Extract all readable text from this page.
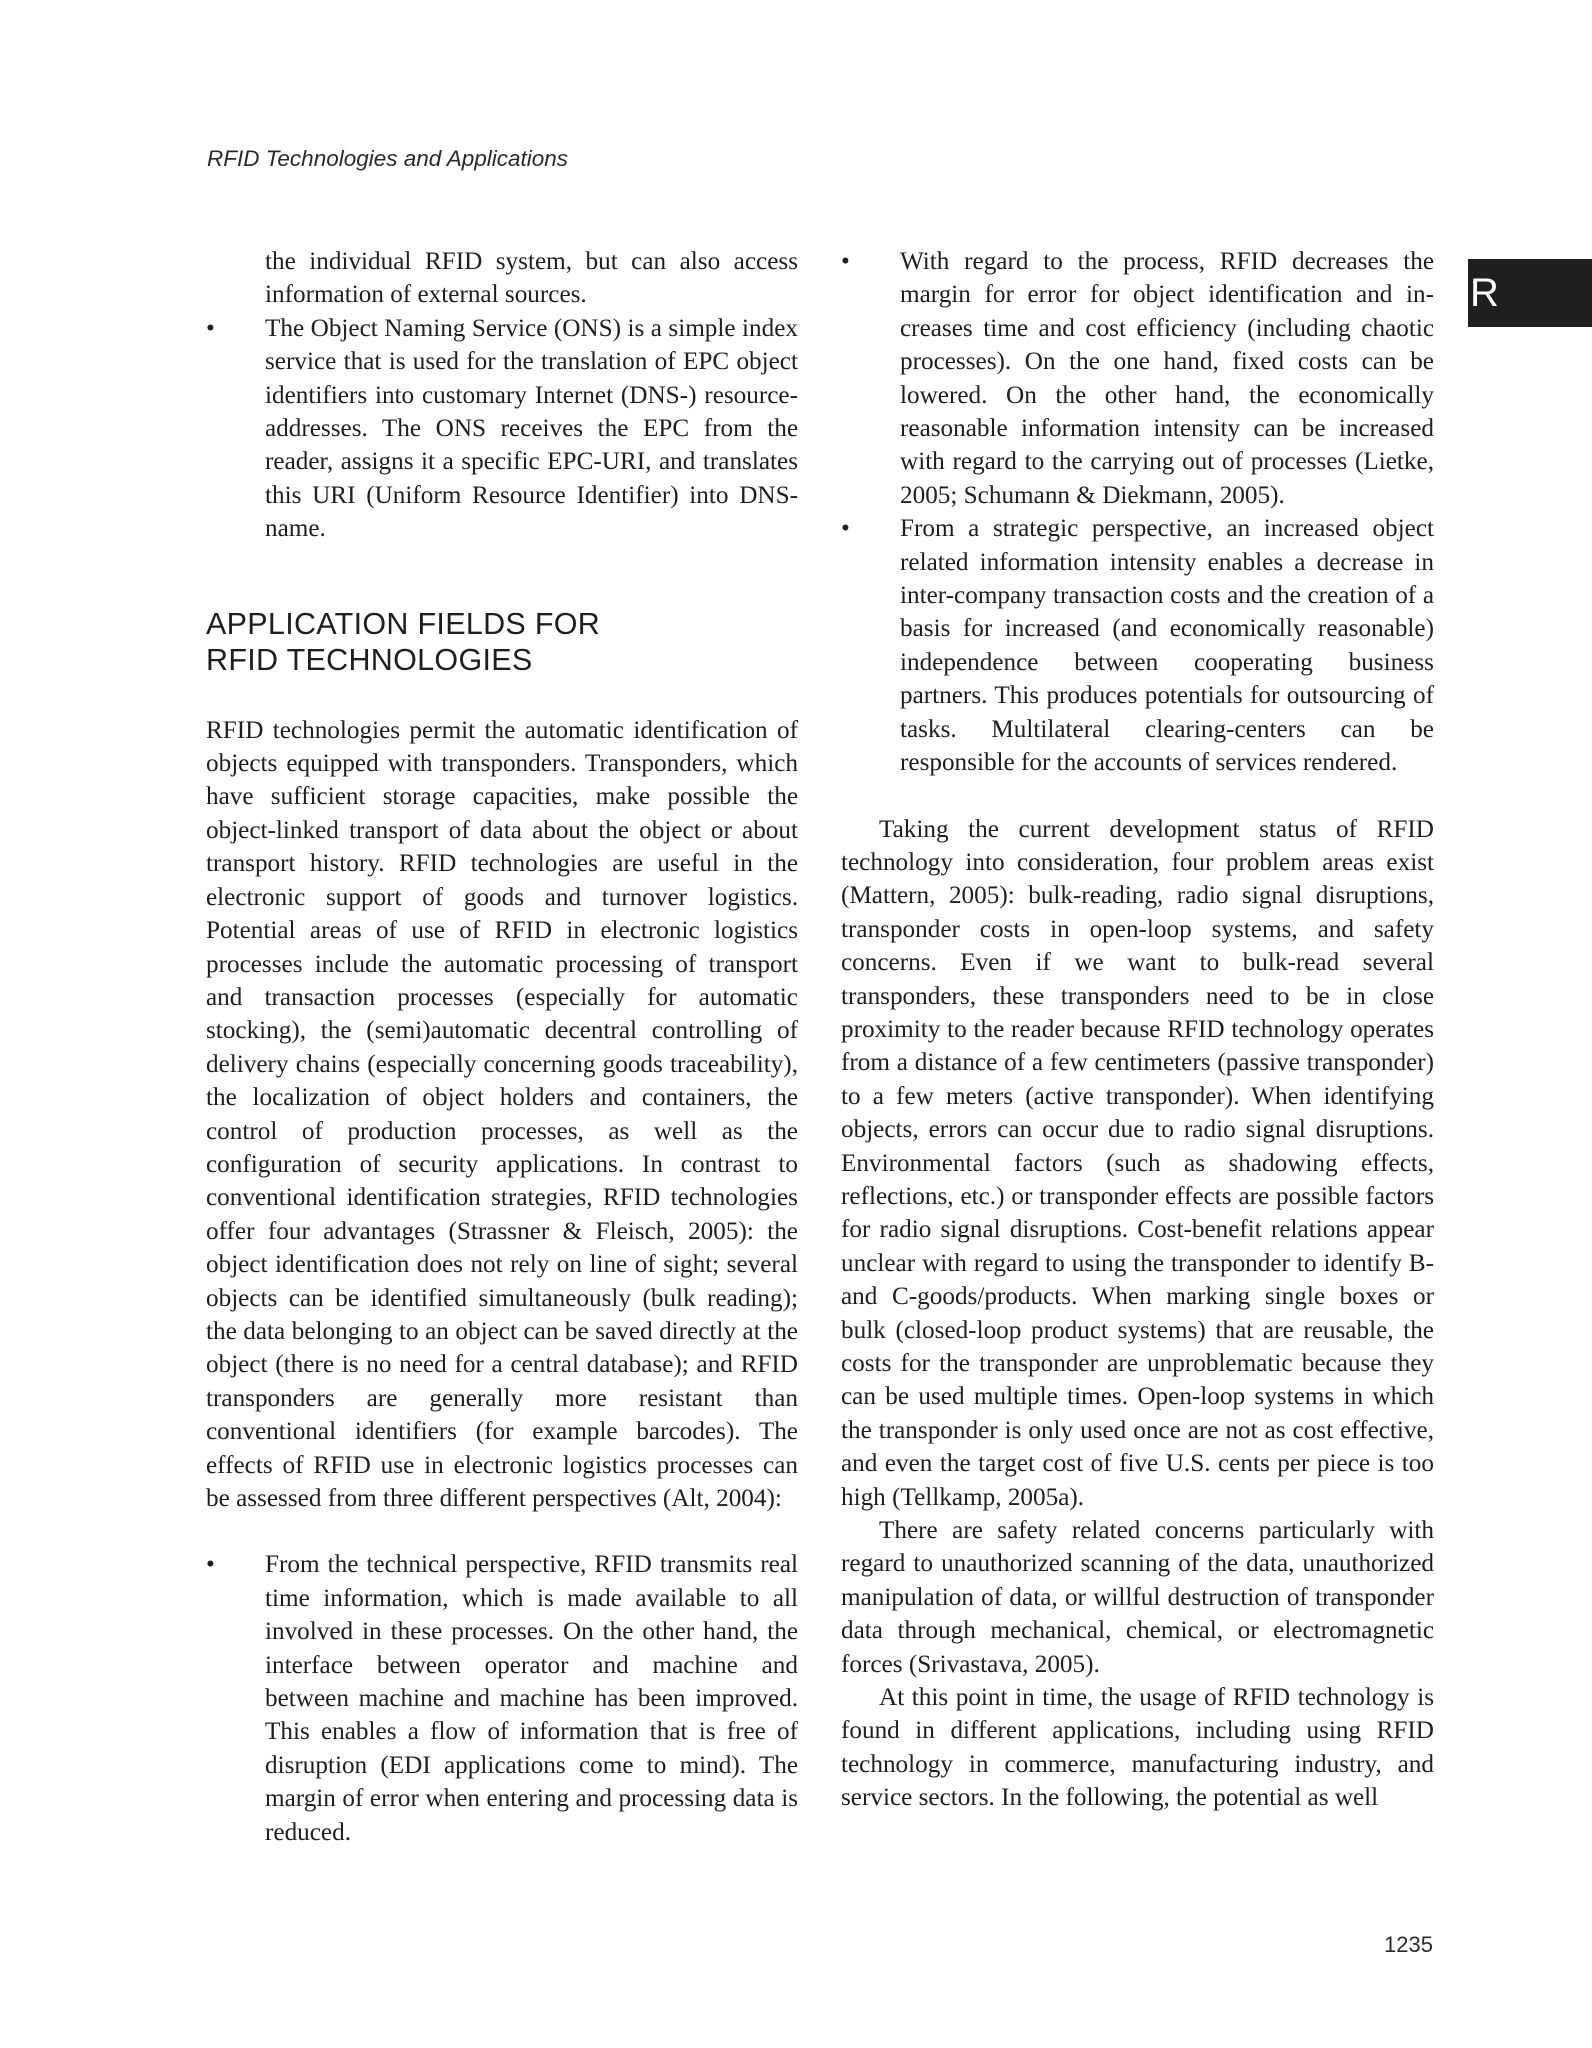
RFID Technologies and Applications
R

the individual RFID system, but can also access information of external sources.

•	The Object Naming Service (ONS) is a simple index service that is used for the translation of EPC object identifiers into customary Internet (DNS-) resource-addresses. The ONS receives the EPC from the reader, assigns it a specific EPC-URI, and translates this URI (Uniform Resource Identifier) into DNS-name.

APPLICATION FIELDS FOR
RFID TECHNOLOGIES

RFID technologies permit the automatic identification of objects equipped with transponders. Transponders, which have sufficient storage capacities, make possible the object-linked transport of data about the object or about transport history. RFID technologies are useful in the electronic support of goods and turnover logistics. Potential areas of use of RFID in electronic logistics processes include the automatic processing of transport and transaction processes (especially for automatic stocking), the (semi)automatic decentral controlling of delivery chains (especially concerning goods traceability), the localization of object holders and containers, the control of production processes, as well as the configuration of security applications. In contrast to conventional identification strategies, RFID technologies offer four advantages (Strassner & Fleisch, 2005): the object identification does not rely on line of sight; several objects can be identified simultaneously (bulk reading); the data belonging to an object can be saved directly at the object (there is no need for a central database); and RFID transponders are generally more resistant than conventional identifiers (for example barcodes). The effects of RFID use in electronic logistics processes can be assessed from three different perspectives (Alt, 2004):

•	From the technical perspective, RFID transmits real time information, which is made available to all involved in these processes. On the other hand, the interface between operator and machine and between machine and machine has been improved. This enables a flow of information that is free of disruption (EDI applications come to mind). The margin of error when entering and processing data is reduced.

•	With regard to the process, RFID decreases the margin for error for object identification and increases time and cost efficiency (including chaotic processes). On the one hand, fixed costs can be lowered. On the other hand, the economically reasonable information intensity can be increased with regard to the carrying out of processes (Lietke, 2005; Schumann & Diekmann, 2005).

•	From a strategic perspective, an increased object related information intensity enables a decrease in inter-company transaction costs and the creation of a basis for increased (and economically reasonable) independence between cooperating business partners. This produces potentials for outsourcing of tasks. Multilateral clearing-centers can be responsible for the accounts of services rendered.

Taking the current development status of RFID technology into consideration, four problem areas exist (Mattern, 2005): bulk-reading, radio signal disruptions, transponder costs in open-loop systems, and safety concerns. Even if we want to bulk-read several transponders, these transponders need to be in close proximity to the reader because RFID technology operates from a distance of a few centimeters (passive transponder) to a few meters (active transponder). When identifying objects, errors can occur due to radio signal disruptions. Environmental factors (such as shadowing effects, reflections, etc.) or transponder effects are possible factors for radio signal disruptions. Cost-benefit relations appear unclear with regard to using the transponder to identify B- and C-goods/products. When marking single boxes or bulk (closed-loop product systems) that are reusable, the costs for the transponder are unproblematic because they can be used multiple times. Open-loop systems in which the transponder is only used once are not as cost effective, and even the target cost of five U.S. cents per piece is too high (Tellkamp, 2005a).

There are safety related concerns particularly with regard to unauthorized scanning of the data, unauthorized manipulation of data, or willful destruction of transponder data through mechanical, chemical, or electromagnetic forces (Srivastava, 2005).

At this point in time, the usage of RFID technology is found in different applications, including using RFID technology in commerce, manufacturing industry, and service sectors. In the following, the potential as well

1235
